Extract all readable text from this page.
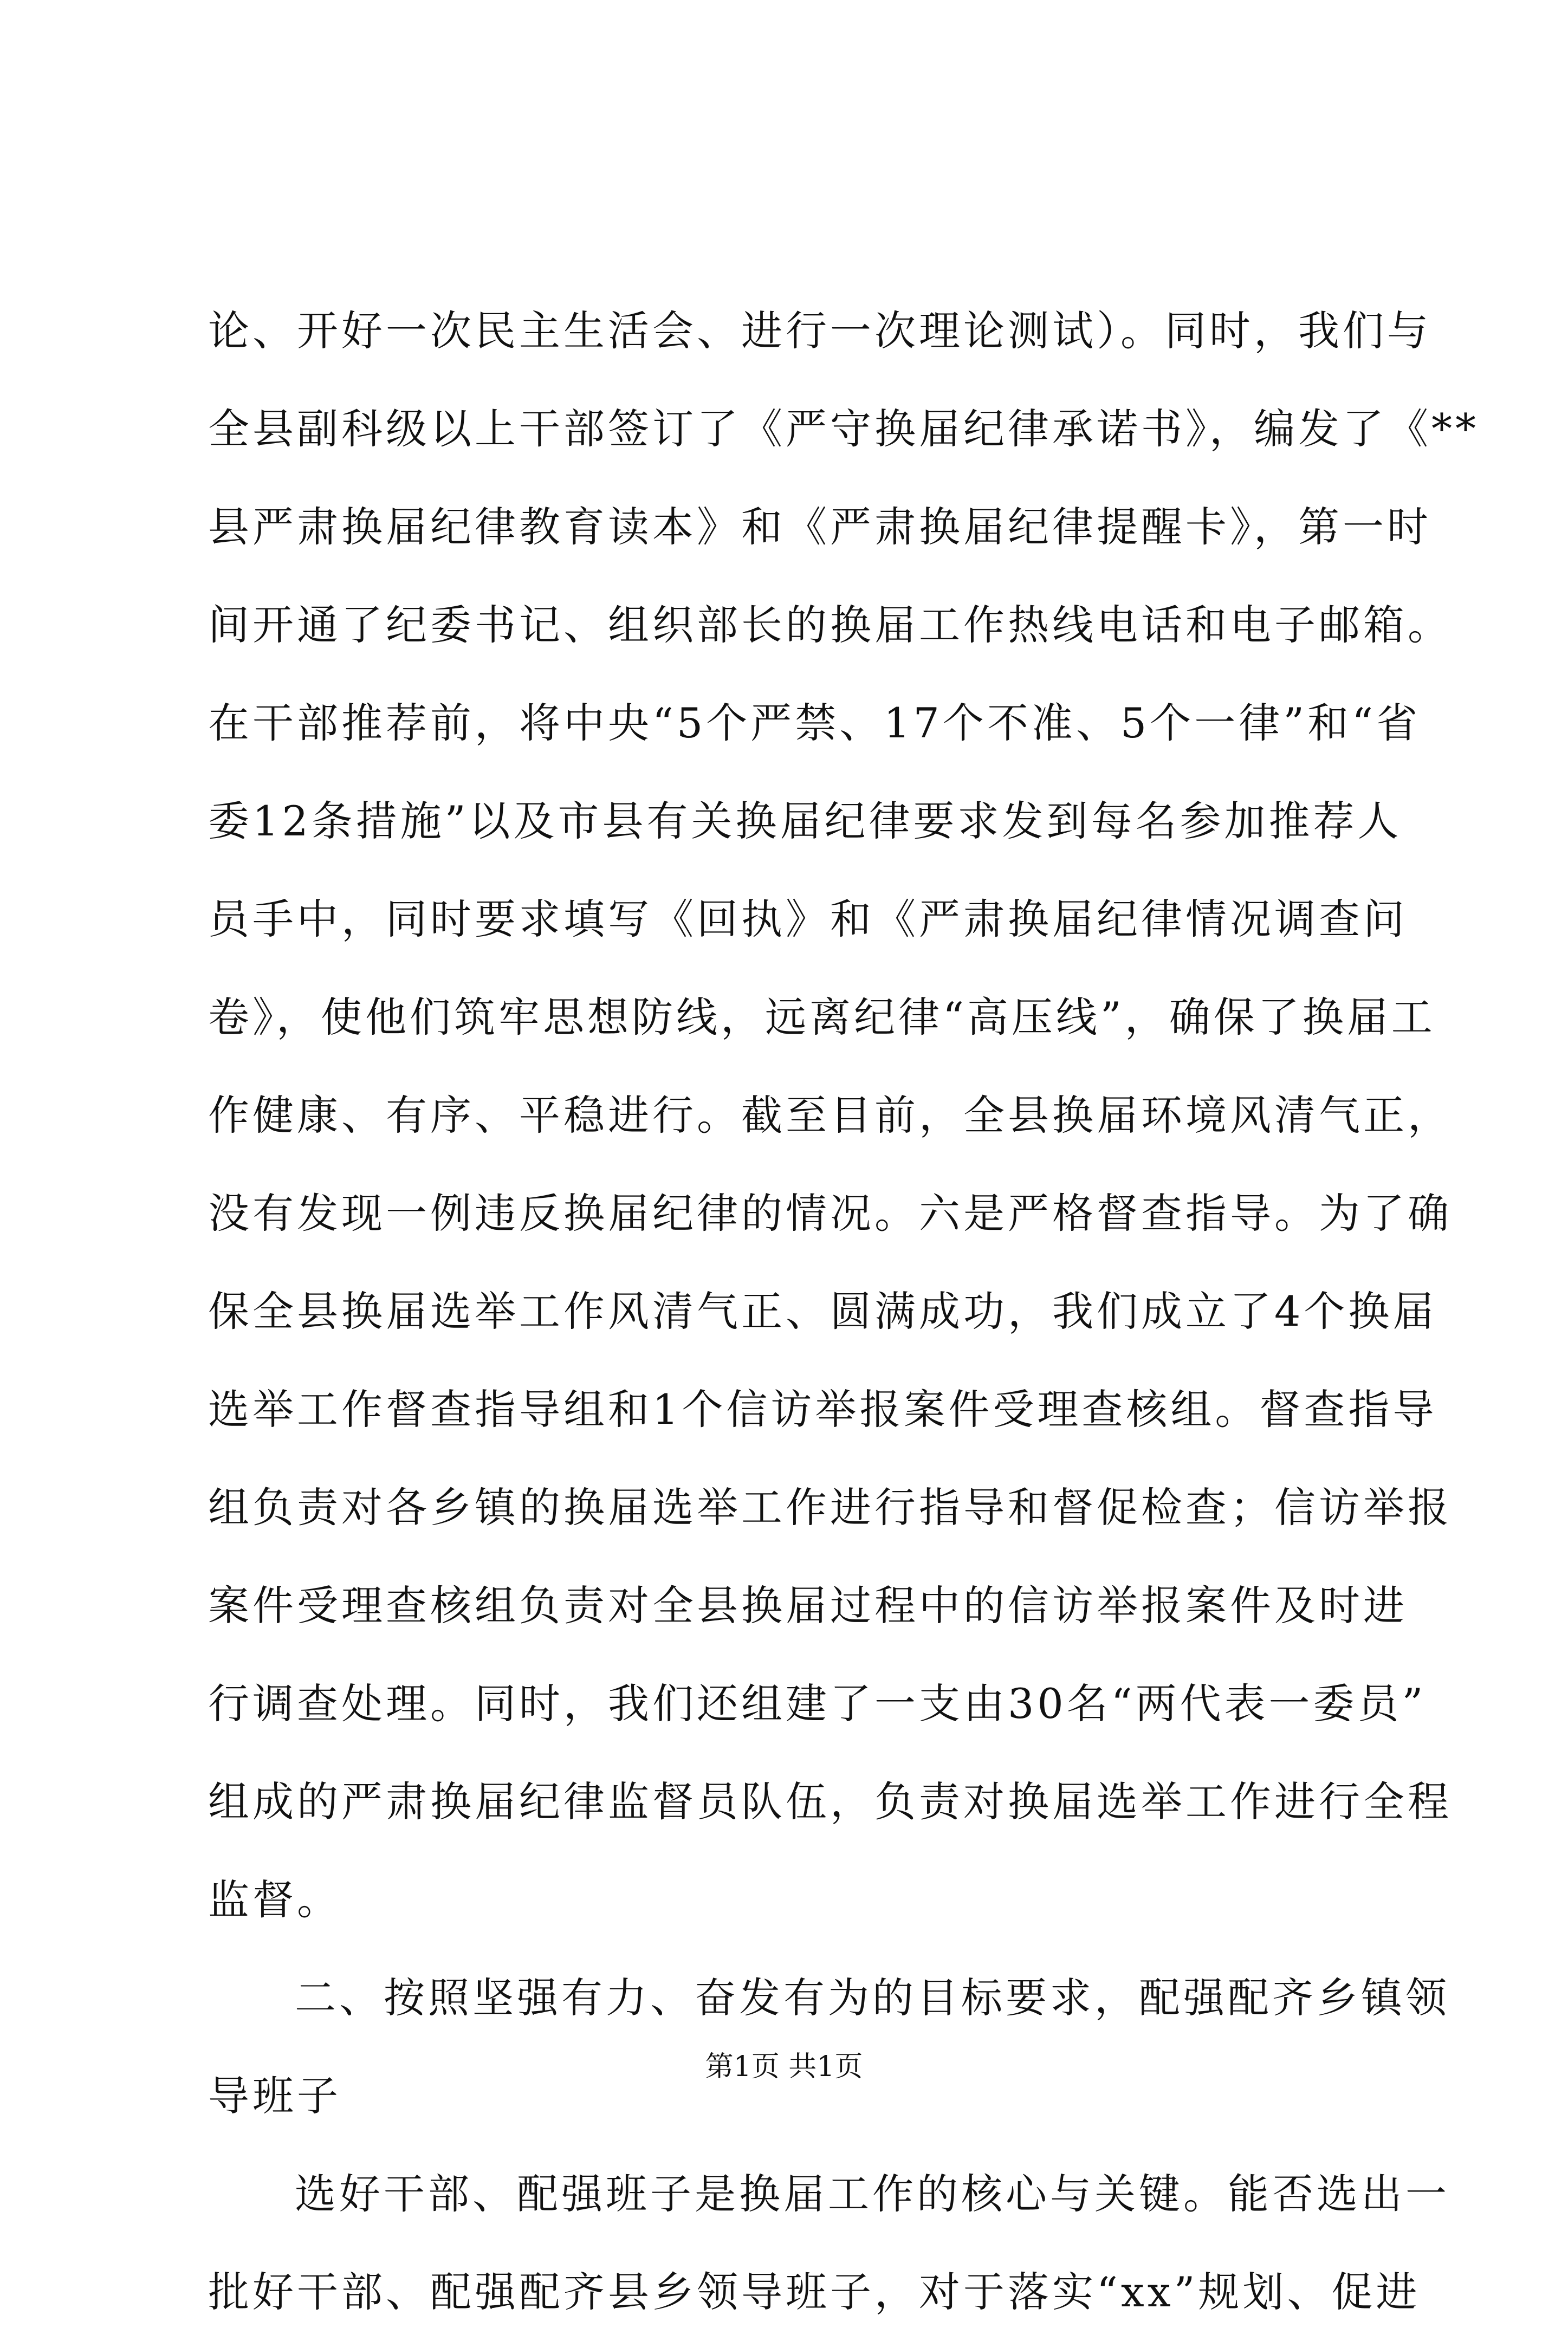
论、开好一次民主生活会、进行一次理论测试）。同时，我们与
全县副科级以上干部签订了《严守换届纪律承诺书》，编发了《**
县严肃换届纪律教育读本》和《严肃换届纪律提醒卡》，第一时
间开通了纪委书记、组织部长的换届工作热线电话和电子邮箱。
在干部推荐前，将中央“5个严禁、17个不准、5个一律”和“省
委12条措施”以及市县有关换届纪律要求发到每名参加推荐人
员手中，同时要求填写《回执》和《严肃换届纪律情况调查问
卷》，使他们筑牢思想防线，远离纪律“高压线”，确保了换届工
作健康、有序、平稳进行。截至目前，全县换届环境风清气正，
没有发现一例违反换届纪律的情况。六是严格督查指导。为了确
保全县换届选举工作风清气正、圆满成功，我们成立了4个换届
选举工作督查指导组和1个信访举报案件受理查核组。督查指导
组负责对各乡镇的换届选举工作进行指导和督促检查；信访举报
案件受理查核组负责对全县换届过程中的信访举报案件及时进
行调查处理。同时，我们还组建了一支由30名“两代表一委员”
组成的严肃换届纪律监督员队伍，负责对换届选举工作进行全程
监督。
二、按照坚强有力、奋发有为的目标要求，配强配齐乡镇领
导班子
选好干部、配强班子是换届工作的核心与关键。能否选出一
批好干部、配强配齐县乡领导班子，对于落实“xx”规划、促进
第1页 共1页
